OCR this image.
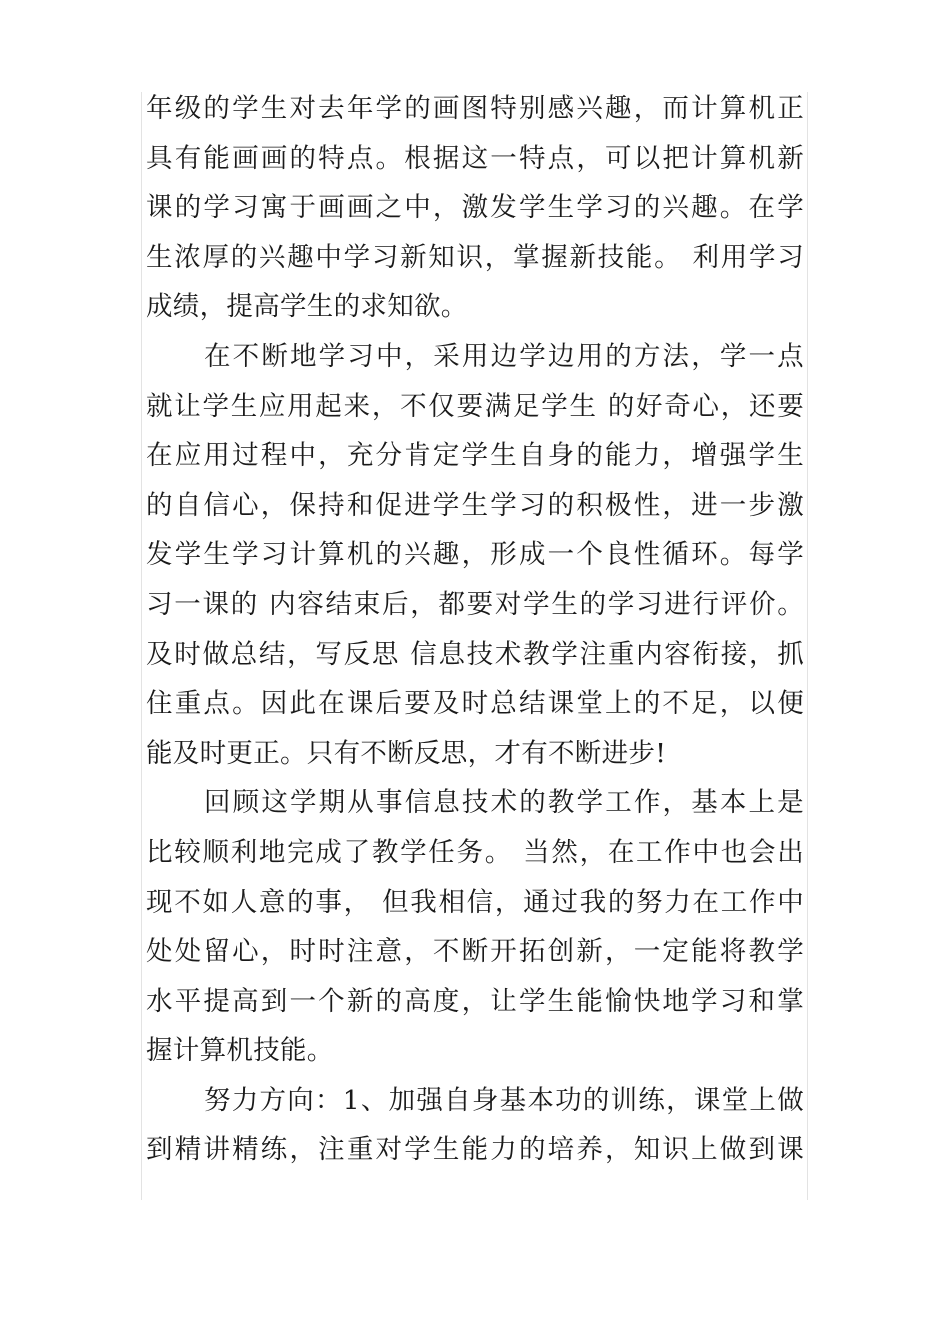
年级的学生对去年学的画图特别感兴趣，而计算机正
具有能画画的特点。根据这一特点，可以把计算机新
课的学习寓于画画之中，激发学生学习的兴趣。在学
生浓厚的兴趣中学习新知识，掌握新技能。 利用学习
成绩，提高学生的求知欲。
在不断地学习中，采用边学边用的方法，学一点
就让学生应用起来，不仅要满足学生 的好奇心，还要
在应用过程中，充分肯定学生自身的能力，增强学生
的自信心，保持和促进学生学习的积极性，进一步激
发学生学习计算机的兴趣，形成一个良性循环。每学
习一课的 内容结束后，都要对学生的学习进行评价。
及时做总结，写反思 信息技术教学注重内容衔接，抓
住重点。因此在课后要及时总结课堂上的不足，以便
能及时更正。只有不断反思，才有不断进步!
回顾这学期从事信息技术的教学工作，基本上是
比较顺利地完成了教学任务。 当然，在工作中也会出
现不如人意的事， 但我相信，通过我的努力在工作中
处处留心，时时注意，不断开拓创新，一定能将教学
水平提高到一个新的高度，让学生能愉快地学习和掌
握计算机技能。
努力方向：1、加强自身基本功的训练，课堂上做
到精讲精练，注重对学生能力的培养，知识上做到课
